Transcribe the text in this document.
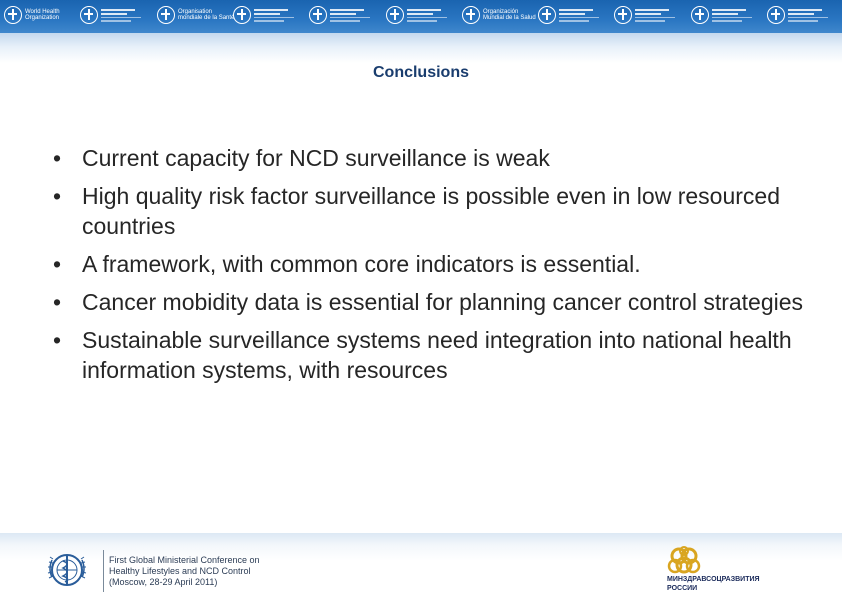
World Health
Organization
Organisation
mondiale de la Santé
Organización
Mundial de la Salud
Conclusions
• Current capacity for NCD surveillance is weak
• High quality risk factor surveillance is possible even in low resourced countries
• A framework, with common core indicators is essential.
• Cancer mobidity data is essential for planning cancer control strategies
• Sustainable surveillance systems need integration into national health information systems, with resources
First Global Ministerial Conference on
Healthy Lifestyles and NCD Control
(Moscow, 28-29 April 2011)	МИНЗДРАВСОЦРАЗВИТИЯ
РОССИИ
